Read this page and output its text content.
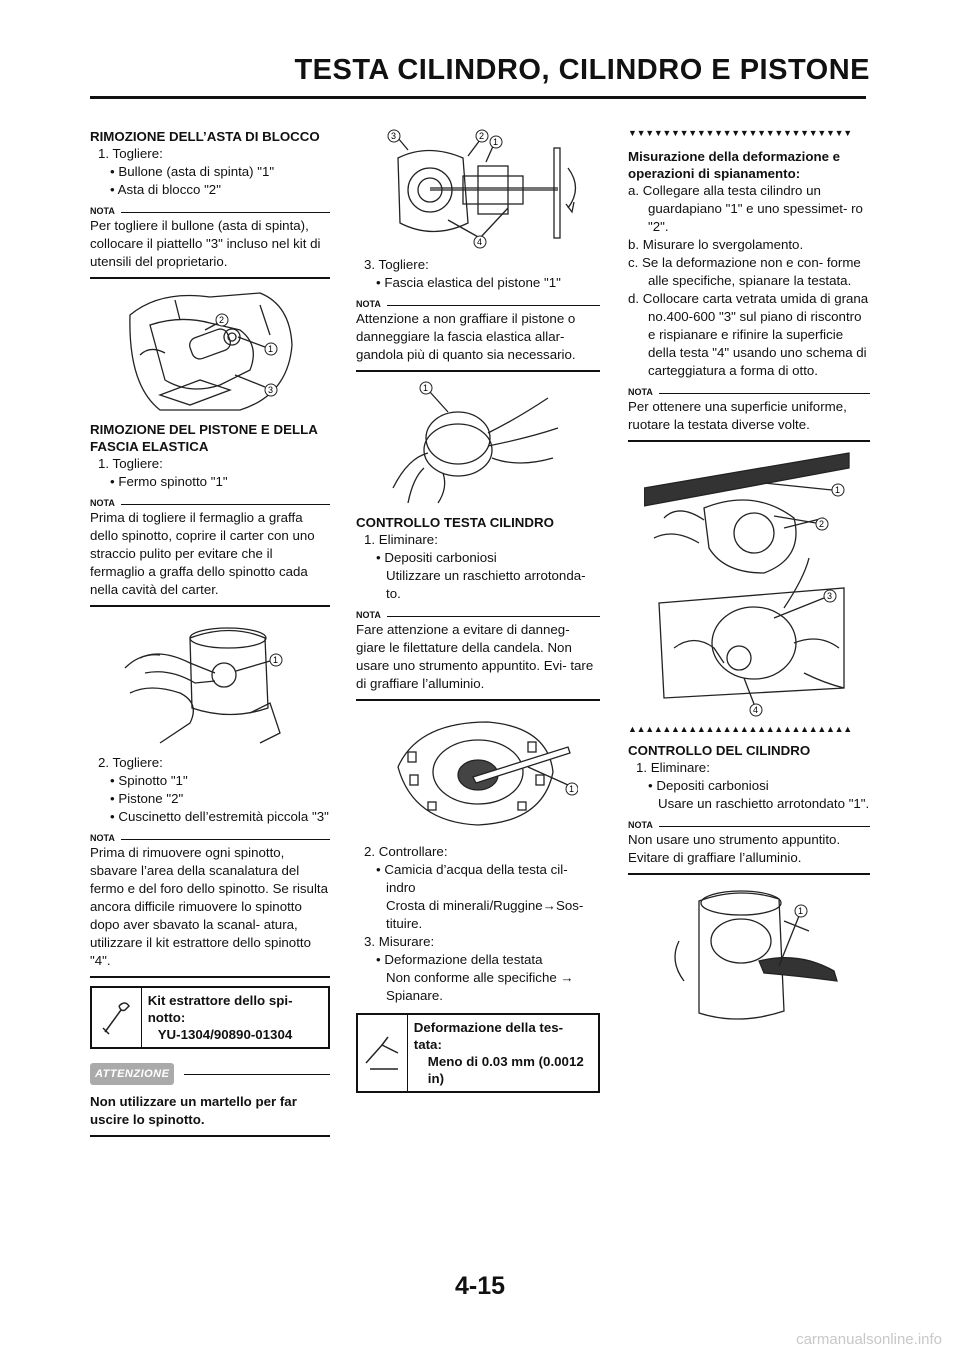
TESTA CILINDRO, CILINDRO E PISTONE
RIMOZIONE DELL’ASTA DI BLOCCO

1. Togliere:

• Bullone (asta di spinta) "1"

• Asta di blocco "2"

NOTA
Per togliere il bullone (asta di spinta), collocare il piattello "3" incluso nel kit di utensili del proprietario.
2
1
3
RIMOZIONE DEL PISTONE E DELLA FASCIA ELASTICA

1. Togliere:

• Fermo spinotto "1"

NOTA
Prima di togliere il fermaglio a graffa dello spinotto, coprire il carter con uno straccio pulito per evitare che il fermaglio a graffa dello spinotto cada nella cavità del carter.
1

2. Togliere:

• Spinotto "1"

• Pistone "2"

• Cuscinetto dell’estremità piccola "3"

NOTA
Prima di rimuovere ogni spinotto, sbavare l’area della scanalatura del fermo e del foro dello spinotto. Se risulta ancora difficile rimuovere lo spinotto dopo aver sbavato la scanal- atura, utilizzare il kit estrattore dello spinotto "4".
Kit estrattore dello spi- notto:
YU-1304/90890-01304
ATTENZIONE
Non utilizzare un martello per far uscire lo spinotto.
3	2
1
4

3. Togliere:

• Fascia elastica del pistone "1"

NOTA
Attenzione a non graffiare il pistone o danneggiare la fascia elastica allar- gandola più di quanto sia necessario.
1
CONTROLLO TESTA CILINDRO

1. Eliminare:

• Depositi carboniosi

Utilizzare un raschietto arrotonda- to.

NOTA
Fare attenzione a evitare di danneg- giare le filettature della candela. Non usare uno strumento appuntito. Evi- tare di graffiare l’alluminio.
1

2. Controllare:

• Camicia d’acqua della testa cil- indro

Crosta di minerali/Ruggine→Sos- tituire.

3. Misurare:

• Deformazione della testata

Non conforme alle specifiche → Spianare.

Deformazione della tes- tata:
Meno di 0.03 mm (0.0012 in)
▼▼▼▼▼▼▼▼▼▼▼▼▼▼▼▼▼▼▼▼▼▼▼▼▼▼
Misurazione della deformazione e operazioni di spianamento:

a. Collegare alla testa cilindro un guardapiano "1" e uno spessimet- ro "2".

b. Misurare lo svergolamento.

c. Se la deformazione non e con- forme alle specifiche, spianare la testata.

d. Collocare carta vetrata umida di grana no.400-600 "3" sul piano di riscontro e rispianare e rifinire la superficie della testa "4" usando uno schema di carteggiatura a forma di otto.

NOTA
Per ottenere una superficie uniforme, ruotare la testata diverse volte.
1
2
3
4
▲▲▲▲▲▲▲▲▲▲▲▲▲▲▲▲▲▲▲▲▲▲▲▲▲▲
CONTROLLO DEL CILINDRO

1. Eliminare:

• Depositi carboniosi

Usare un raschietto arrotondato "1".

NOTA
Non usare uno strumento appuntito. Evitare di graffiare l’alluminio.
1
4-15
carmanualsonline.info
